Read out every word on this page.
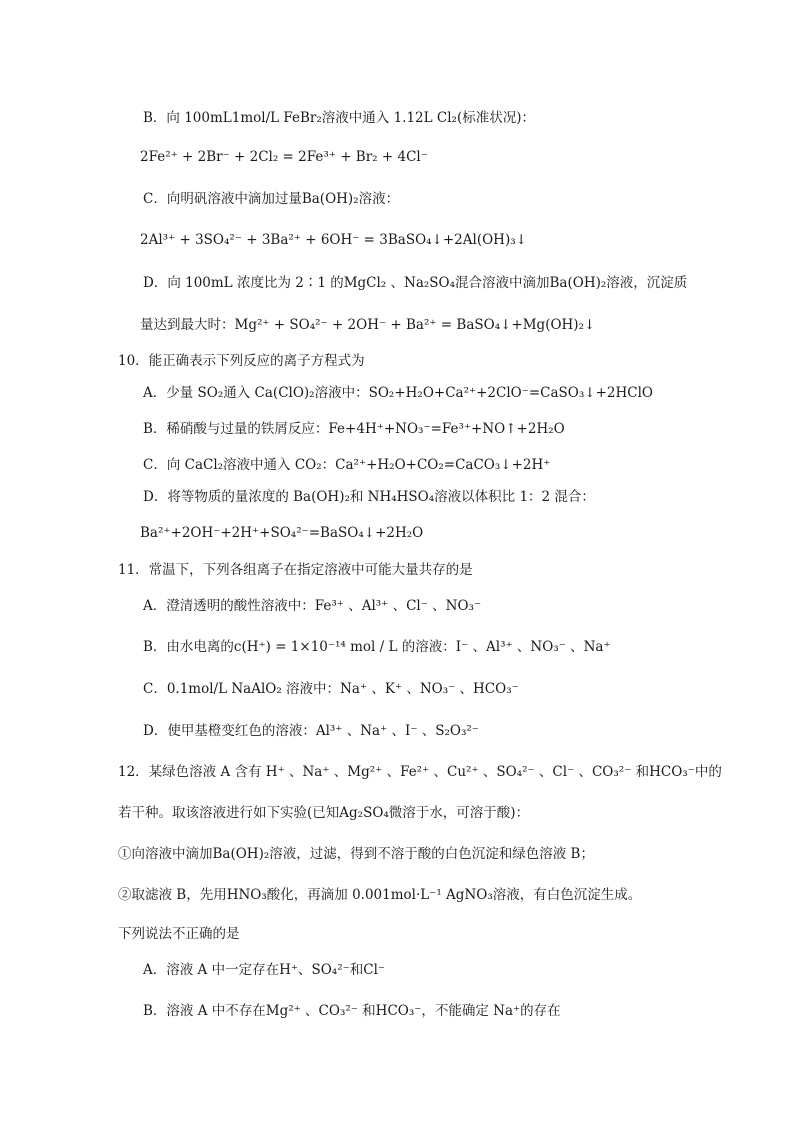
B．向 100mL1mol/L FeBr₂溶液中通入 1.12L Cl₂(标准状况)：
2Fe²⁺ + 2Br⁻ + 2Cl₂ = 2Fe³⁺ + Br₂ + 4Cl⁻
C．向明矾溶液中滴加过量Ba(OH)₂溶液：
2Al³⁺ + 3SO₄²⁻ + 3Ba²⁺ + 6OH⁻ = 3BaSO₄↓+2Al(OH)₃↓
D．向 100mL 浓度比为 2∶1 的MgCl₂ 、Na₂SO₄混合溶液中滴加Ba(OH)₂溶液，沉淀质
量达到最大时：Mg²⁺ + SO₄²⁻ + 2OH⁻ + Ba²⁺ = BaSO₄↓+Mg(OH)₂↓
10．能正确表示下列反应的离子方程式为
A．少量 SO₂通入 Ca(ClO)₂溶液中：SO₂+H₂O+Ca²⁺+2ClO⁻=CaSO₃↓+2HClO
B．稀硝酸与过量的铁屑反应：Fe+4H⁺+NO₃⁻=Fe³⁺+NO↑+2H₂O
C．向 CaCl₂溶液中通入 CO₂：Ca²⁺+H₂O+CO₂=CaCO₃↓+2H⁺
D．将等物质的量浓度的 Ba(OH)₂和 NH₄HSO₄溶液以体积比 1：2 混合：
Ba²⁺+2OH⁻+2H⁺+SO₄²⁻=BaSO₄↓+2H₂O
11．常温下，下列各组离子在指定溶液中可能大量共存的是
A．澄清透明的酸性溶液中：Fe³⁺ 、Al³⁺ 、Cl⁻ 、NO₃⁻
B．由水电离的c(H⁺) = 1×10⁻¹⁴ mol / L 的溶液：I⁻ 、Al³⁺ 、NO₃⁻ 、Na⁺
C．0.1mol/L NaAlO₂ 溶液中：Na⁺ 、K⁺ 、NO₃⁻ 、HCO₃⁻
D．使甲基橙变红色的溶液：Al³⁺ 、Na⁺ 、I⁻ 、S₂O₃²⁻
12．某绿色溶液 A 含有 H⁺ 、Na⁺ 、Mg²⁺ 、Fe²⁺ 、Cu²⁺ 、SO₄²⁻ 、Cl⁻ 、CO₃²⁻ 和HCO₃⁻中的
若干种。取该溶液进行如下实验(已知Ag₂SO₄微溶于水，可溶于酸)：
①向溶液中滴加Ba(OH)₂溶液，过滤，得到不溶于酸的白色沉淀和绿色溶液 B；
②取滤液 B，先用HNO₃酸化，再滴加 0.001mol·L⁻¹ AgNO₃溶液，有白色沉淀生成。
下列说法不正确的是
A．溶液 A 中一定存在H⁺、SO₄²⁻和Cl⁻
B．溶液 A 中不存在Mg²⁺ 、CO₃²⁻ 和HCO₃⁻，不能确定 Na⁺的存在
